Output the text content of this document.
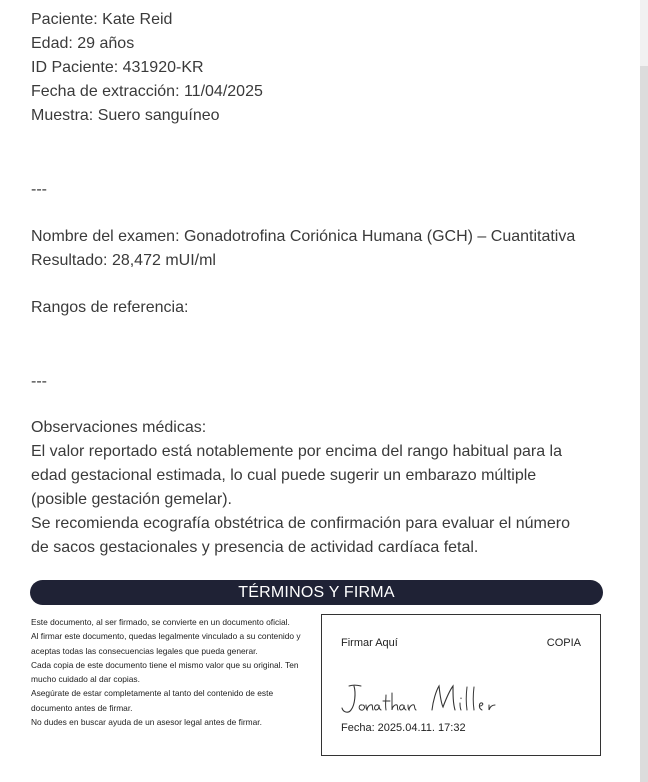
Paciente: Kate Reid
Edad: 29 años
ID Paciente: 431920-KR
Fecha de extracción: 11/04/2025
Muestra: Suero sanguíneo
---
Nombre del examen: Gonadotrofina Coriónica Humana (GCH) – Cuantitativa
Resultado: 28,472 mUI/ml
Rangos de referencia:
---
Observaciones médicas:
El valor reportado está notablemente por encima del rango habitual para la
edad gestacional estimada, lo cual puede sugerir un embarazo múltiple
(posible gestación gemelar).
Se recomienda ecografía obstétrica de confirmación para evaluar el número
de sacos gestacionales y presencia de actividad cardíaca fetal.
TÉRMINOS Y FIRMA
Este documento, al ser firmado, se convierte en un documento oficial.
Al firmar este documento, quedas legalmente vinculado a su contenido y aceptas todas las consecuencias legales que pueda generar.
Cada copia de este documento tiene el mismo valor que su original. Ten mucho cuidado al dar copias.
Asegúrate de estar completamente al tanto del contenido de este documento antes de firmar.
No dudes en buscar ayuda de un asesor legal antes de firmar.
Firmar Aquí	COPIA
Fecha: 2025.04.11. 17:32
